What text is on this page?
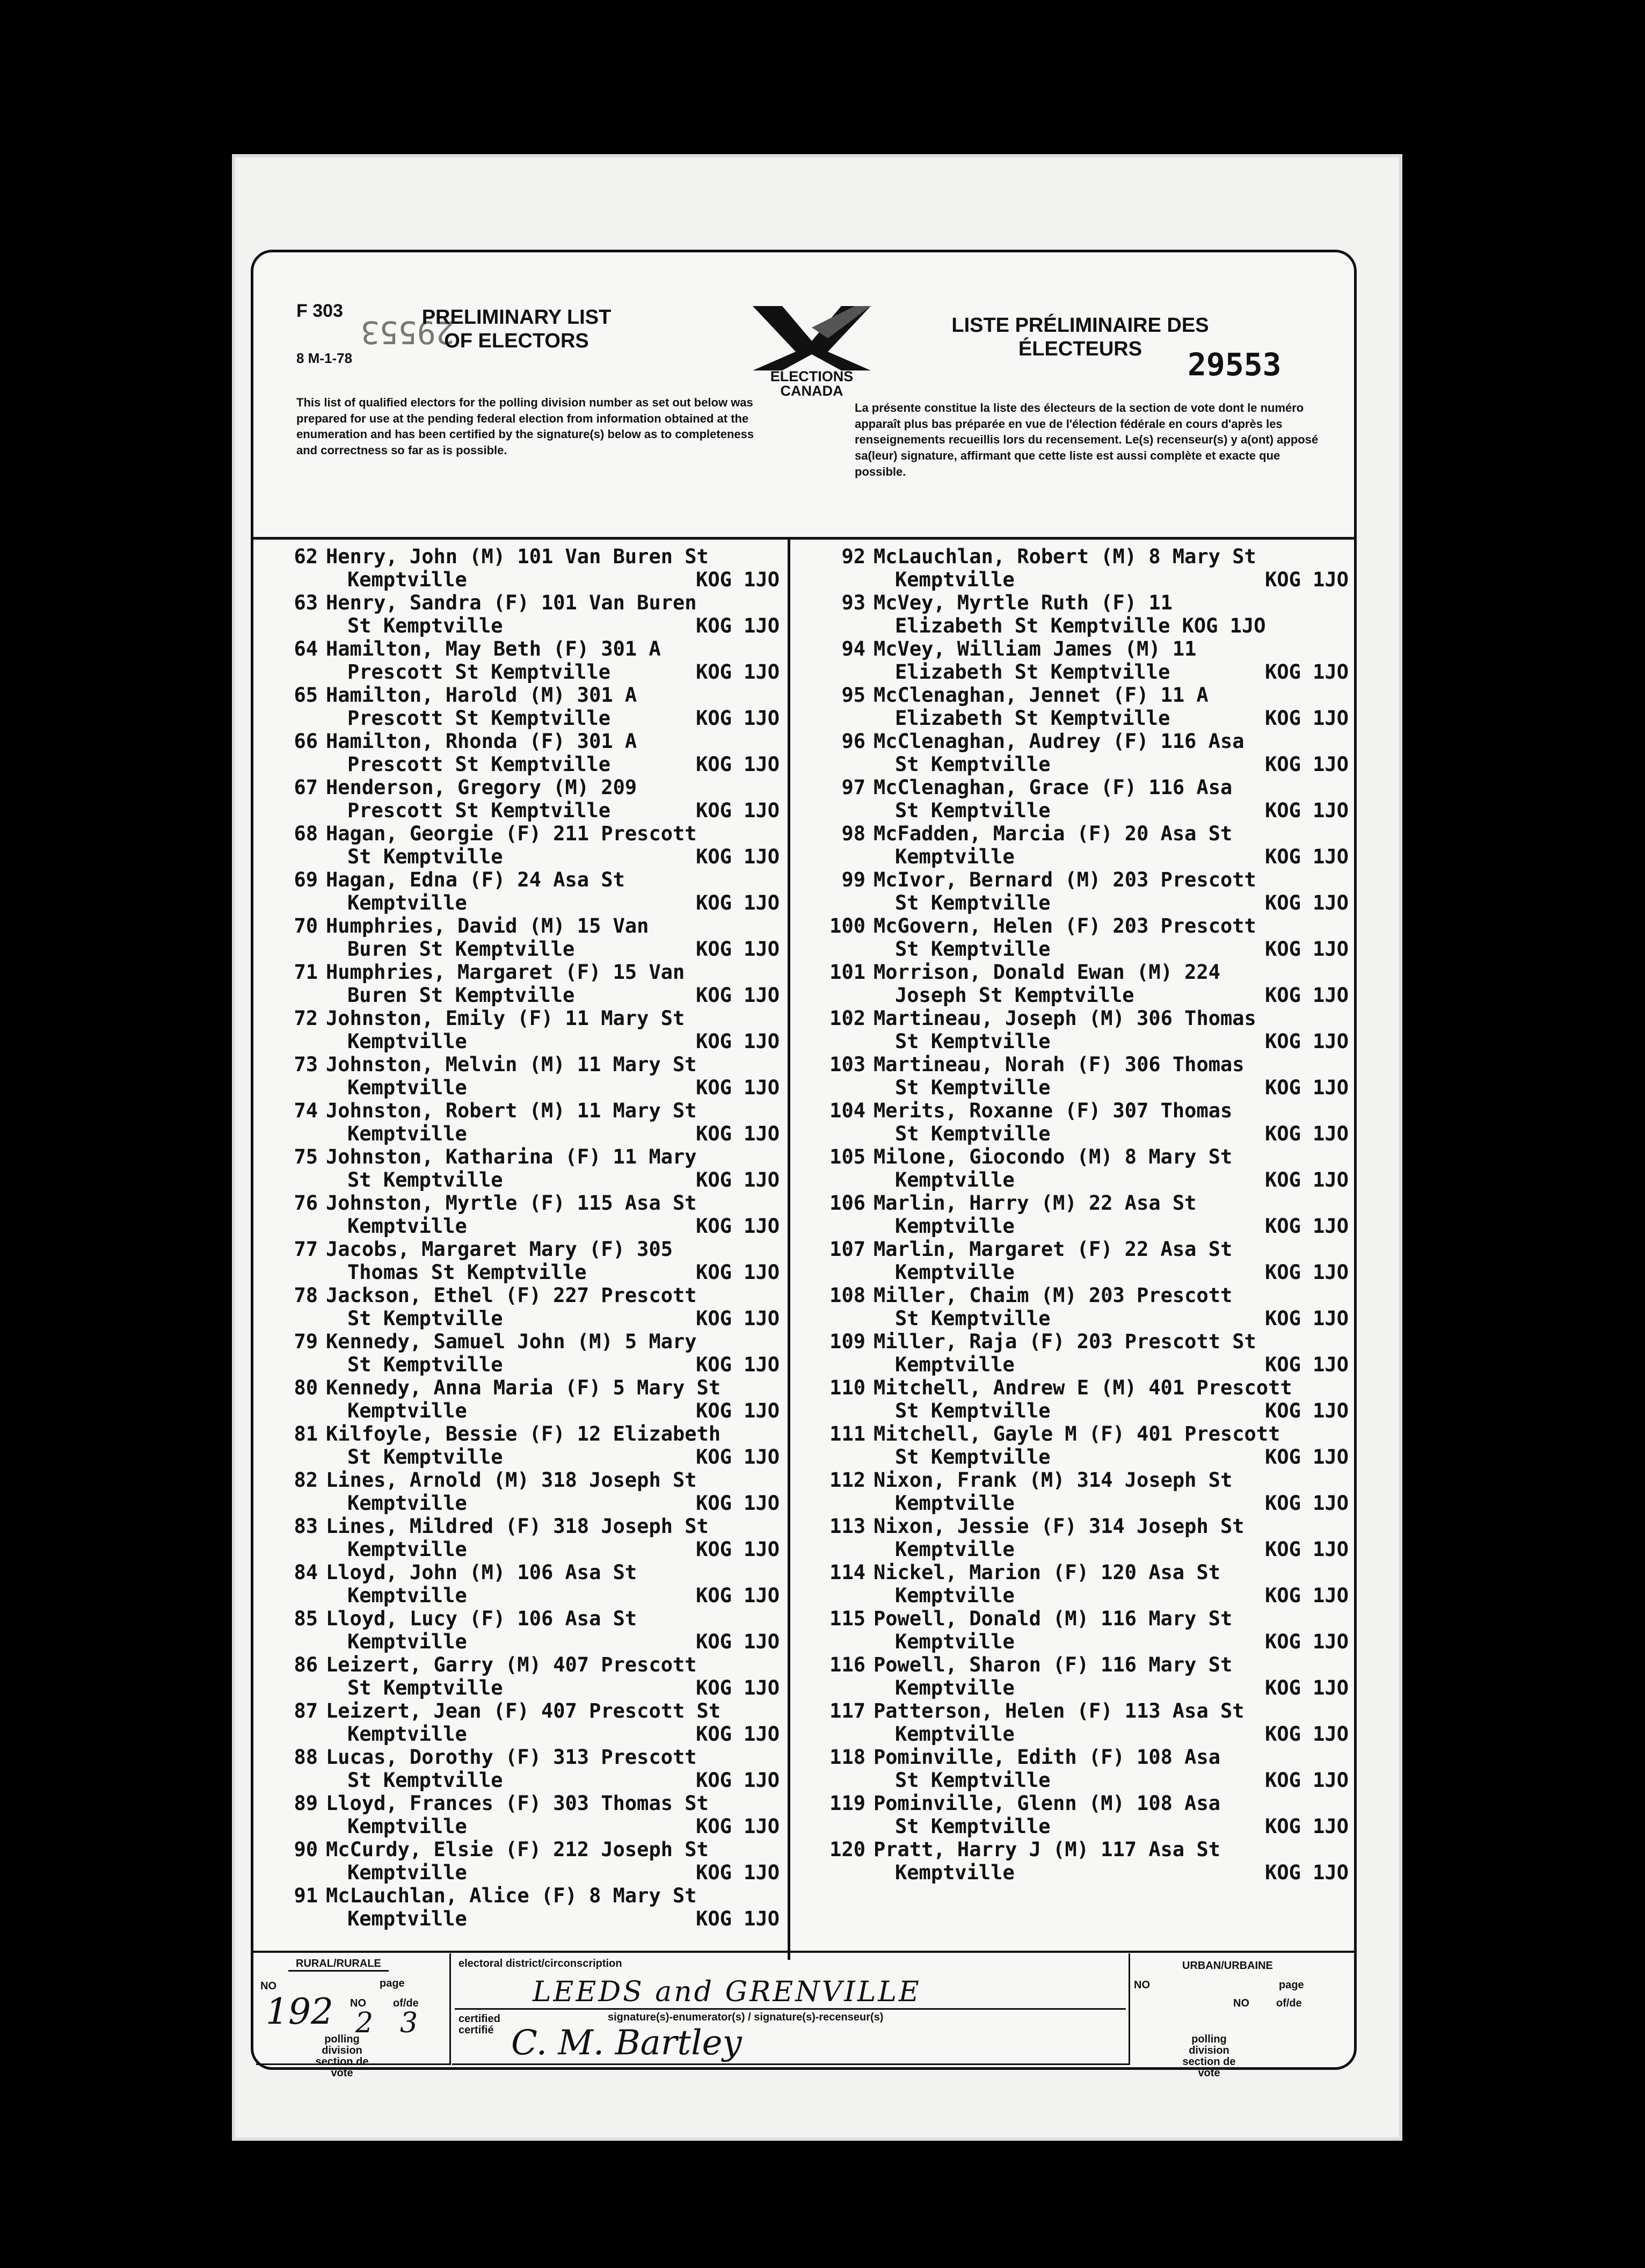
F 303
8 M-1-78
29553
PRELIMINARY LIST OF ELECTORS
ELECTIONS CANADA
LISTE PRÉLIMINAIRE DES ÉLECTEURS	29553
This list of qualified electors for the polling division number as set out below was prepared for use at the pending federal election from information obtained at the enumeration and has been certified by the signature(s) below as to completeness and correctness so far as is possible.
La présente constitue la liste des électeurs de la section de vote dont le numéro apparaît plus bas préparée en vue de l'élection fédérale en cours d'après les renseignements recueillis lors du recensement. Le(s) recenseur(s) y a(ont) apposé sa(leur) signature, affirmant que cette liste est aussi complète et exacte que possible.
62 Henry, John (M) 101 Van Buren St
Kemptville	KOG 1JO
63 Henry, Sandra (F) 101 Van Buren
St Kemptville	KOG 1JO
64 Hamilton, May Beth (F) 301 A
Prescott St Kemptville	KOG 1JO
65 Hamilton, Harold (M) 301 A
Prescott St Kemptville	KOG 1JO
66 Hamilton, Rhonda (F) 301 A
Prescott St Kemptville	KOG 1JO
67 Henderson, Gregory (M) 209
Prescott St Kemptville	KOG 1JO
68 Hagan, Georgie (F) 211 Prescott
St Kemptville	KOG 1JO
69 Hagan, Edna (F) 24 Asa St
Kemptville	KOG 1JO
70 Humphries, David (M) 15 Van
Buren St Kemptville	KOG 1JO
71 Humphries, Margaret (F) 15 Van
Buren St Kemptville	KOG 1JO
72 Johnston, Emily (F) 11 Mary St
Kemptville	KOG 1JO
73 Johnston, Melvin (M) 11 Mary St
Kemptville	KOG 1JO
74 Johnston, Robert (M) 11 Mary St
Kemptville	KOG 1JO
75 Johnston, Katharina (F) 11 Mary
St Kemptville	KOG 1JO
76 Johnston, Myrtle (F) 115 Asa St
Kemptville	KOG 1JO
77 Jacobs, Margaret Mary (F) 305
Thomas St Kemptville	KOG 1JO
78 Jackson, Ethel (F) 227 Prescott
St Kemptville	KOG 1JO
79 Kennedy, Samuel John (M) 5 Mary
St Kemptville	KOG 1JO
80 Kennedy, Anna Maria (F) 5 Mary St
Kemptville	KOG 1JO
81 Kilfoyle, Bessie (F) 12 Elizabeth
St Kemptville	KOG 1JO
82 Lines, Arnold (M) 318 Joseph St
Kemptville	KOG 1JO
83 Lines, Mildred (F) 318 Joseph St
Kemptville	KOG 1JO
84 Lloyd, John (M) 106 Asa St
Kemptville	KOG 1JO
85 Lloyd, Lucy (F) 106 Asa St
Kemptville	KOG 1JO
86 Leizert, Garry (M) 407 Prescott
St Kemptville	KOG 1JO
87 Leizert, Jean (F) 407 Prescott St
Kemptville	KOG 1JO
88 Lucas, Dorothy (F) 313 Prescott
St Kemptville	KOG 1JO
89 Lloyd, Frances (F) 303 Thomas St
Kemptville	KOG 1JO
90 McCurdy, Elsie (F) 212 Joseph St
Kemptville	KOG 1JO
91 McLauchlan, Alice (F) 8 Mary St
Kemptville	KOG 1JO
92 McLauchlan, Robert (M) 8 Mary St
Kemptville	KOG 1JO
93 McVey, Myrtle Ruth (F) 11
Elizabeth St Kemptville KOG 1JO
94 McVey, William James (M) 11
Elizabeth St Kemptville	KOG 1JO
95 McClenaghan, Jennet (F) 11 A
Elizabeth St Kemptville	KOG 1JO
96 McClenaghan, Audrey (F) 116 Asa
St Kemptville	KOG 1JO
97 McClenaghan, Grace (F) 116 Asa
St Kemptville	KOG 1JO
98 McFadden, Marcia (F) 20 Asa St
Kemptville	KOG 1JO
99 McIvor, Bernard (M) 203 Prescott
St Kemptville	KOG 1JO
100 McGovern, Helen (F) 203 Prescott
St Kemptville	KOG 1JO
101 Morrison, Donald Ewan (M) 224
Joseph St Kemptville	KOG 1JO
102 Martineau, Joseph (M) 306 Thomas
St Kemptville	KOG 1JO
103 Martineau, Norah (F) 306 Thomas
St Kemptville	KOG 1JO
104 Merits, Roxanne (F) 307 Thomas
St Kemptville	KOG 1JO
105 Milone, Giocondo (M) 8 Mary St
Kemptville	KOG 1JO
106 Marlin, Harry (M) 22 Asa St
Kemptville	KOG 1JO
107 Marlin, Margaret (F) 22 Asa St
Kemptville	KOG 1JO
108 Miller, Chaim (M) 203 Prescott
St Kemptville	KOG 1JO
109 Miller, Raja (F) 203 Prescott St
Kemptville	KOG 1JO
110 Mitchell, Andrew E (M) 401 Prescott
St Kemptville	KOG 1JO
111 Mitchell, Gayle M (F) 401 Prescott
St Kemptville	KOG 1JO
112 Nixon, Frank (M) 314 Joseph St
Kemptville	KOG 1JO
113 Nixon, Jessie (F) 314 Joseph St
Kemptville	KOG 1JO
114 Nickel, Marion (F) 120 Asa St
Kemptville	KOG 1JO
115 Powell, Donald (M) 116 Mary St
Kemptville	KOG 1JO
116 Powell, Sharon (F) 116 Mary St
Kemptville	KOG 1JO
117 Patterson, Helen (F) 113 Asa St
Kemptville	KOG 1JO
118 Pominville, Edith (F) 108 Asa
St Kemptville	KOG 1JO
119 Pominville, Glenn (M) 108 Asa
St Kemptville	KOG 1JO
120 Pratt, Harry J (M) 117 Asa St
Kemptville	KOG 1JO
RURAL/RURALE
NO
192
page
NO
2
of/de
3
polling division section de vote
electoral district/circonscription
LEEDS and GRENVILLE
signature(s)-enumerator(s) / signature(s)-recenseur(s)
certified certifié C. M. Bartley
URBAN/URBAINE
NO	page
NO	of/de
polling division section de vote
